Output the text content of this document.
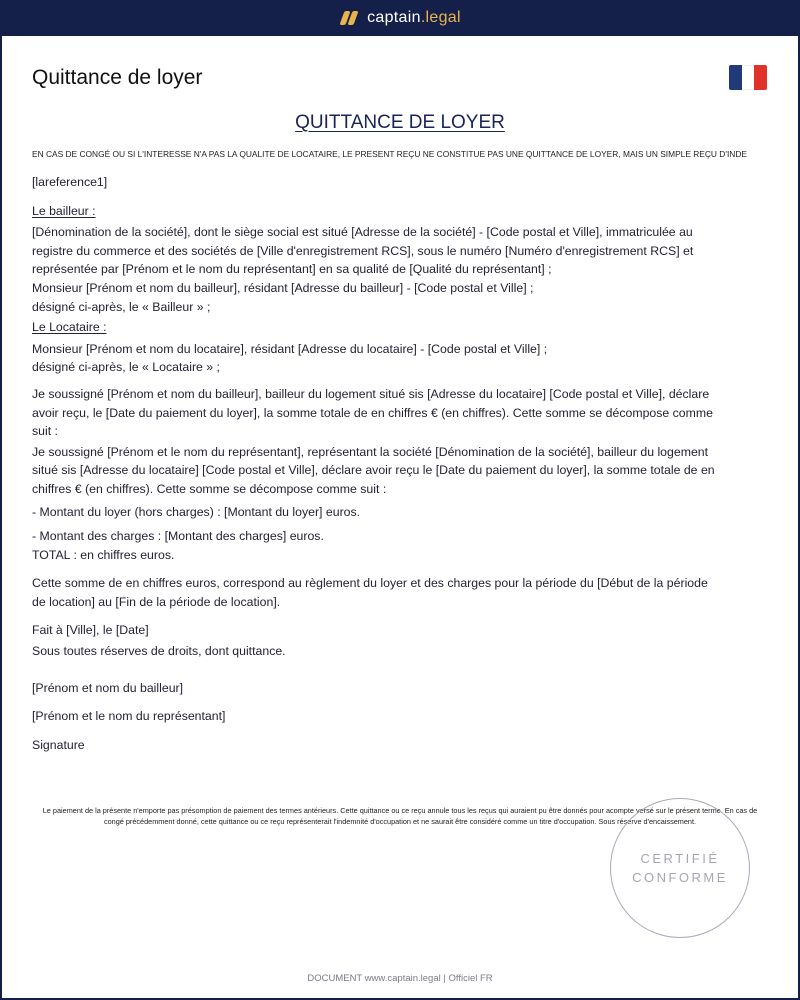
captain.legal
Quittance de loyer
QUITTANCE DE LOYER
EN CAS DE CONGÉ OU SI L'INTERESSE N'A PAS LA QUALITE DE LOCATAIRE, LE PRESENT REÇU NE CONSTITUE PAS UNE QUITTANCE DE LOYER, MAIS UN SIMPLE REÇU D'INDE

[lareference1]

Le bailleur :

[Dénomination de la société], dont le siège social est situé [Adresse de la société] - [Code postal et Ville], immatriculée au registre du commerce et des sociétés de [Ville d'enregistrement RCS], sous le numéro [Numéro d'enregistrement RCS] et représentée par [Prénom et le nom du représentant] en sa qualité de [Qualité du représentant] ;

Monsieur [Prénom et nom du bailleur], résidant [Adresse du bailleur] - [Code postal et Ville] ;

désigné ci-après, le « Bailleur » ;

Le Locataire :

Monsieur [Prénom et nom du locataire], résidant [Adresse du locataire] - [Code postal et Ville] ;

désigné ci-après, le « Locataire » ;

Je soussigné [Prénom et nom du bailleur], bailleur du logement situé sis [Adresse du locataire] [Code postal et Ville], déclare avoir reçu, le [Date du paiement du loyer], la somme totale de en chiffres € (en chiffres). Cette somme se décompose comme suit :

Je soussigné [Prénom et le nom du représentant], représentant la société [Dénomination de la société], bailleur du logement situé sis [Adresse du locataire] [Code postal et Ville], déclare avoir reçu le [Date du paiement du loyer], la somme totale de en chiffres € (en chiffres). Cette somme se décompose comme suit :

- Montant du loyer (hors charges) : [Montant du loyer] euros.

- Montant des charges : [Montant des charges] euros.

TOTAL : en chiffres euros.

Cette somme de en chiffres euros, correspond au règlement du loyer et des charges pour la période du [Début de la période de location] au [Fin de la période de location].

Fait à [Ville], le [Date]

Sous toutes réserves de droits, dont quittance.

[Prénom et nom du bailleur]

[Prénom et le nom du représentant]

Signature

Le paiement de la présente n'emporte pas présomption de paiement des termes antérieurs. Cette quittance ou ce reçu annule tous les reçus qui auraient pu être donnés pour acompte versé sur le présent terme. En cas de congé précédemment donné, cette quittance ou ce reçu représenterait l'indemnité d'occupation et ne saurait être considéré comme un titre d'occupation. Sous réserve d'encaissement.
CERTIFIÉ
CONFORME
DOCUMENT www.captain.legal | Officiel FR
